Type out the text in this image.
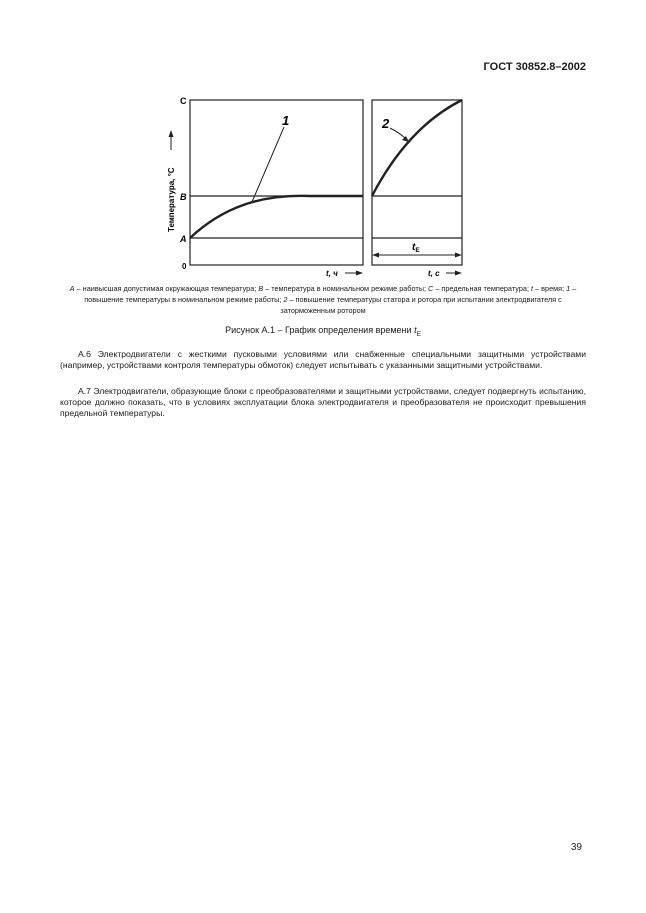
ГОСТ 30852.8–2002
1
С
В
А
0
Температура, °С
t, ч
2
$t_E$
t, с
А – наивысшая допустимая окружающая температура; В – температура в номинальном режиме работы; С – предельная температура; t – время; 1 – повышение температуры в номинальном режиме работы; 2 – повышение температуры статора и ротора при испытании электродвигателя с заторможенным ротором
Рисунок А.1 – График определения времени $t_E$

А.6 Электродвигатели с жесткими пусковыми условиями или снабженные специальными защитными устройствами (например, устройствами контроля температуры обмоток) следует испытывать с указанными защитными устройствами.

А.7 Электродвигатели, образующие блоки с преобразователями и защитными устройствами, следует подвергнуть испытанию, которое должно показать, что в условиях эксплуатации блока электродвигателя и преобразователя не происходит превышения предельной температуры.

39
